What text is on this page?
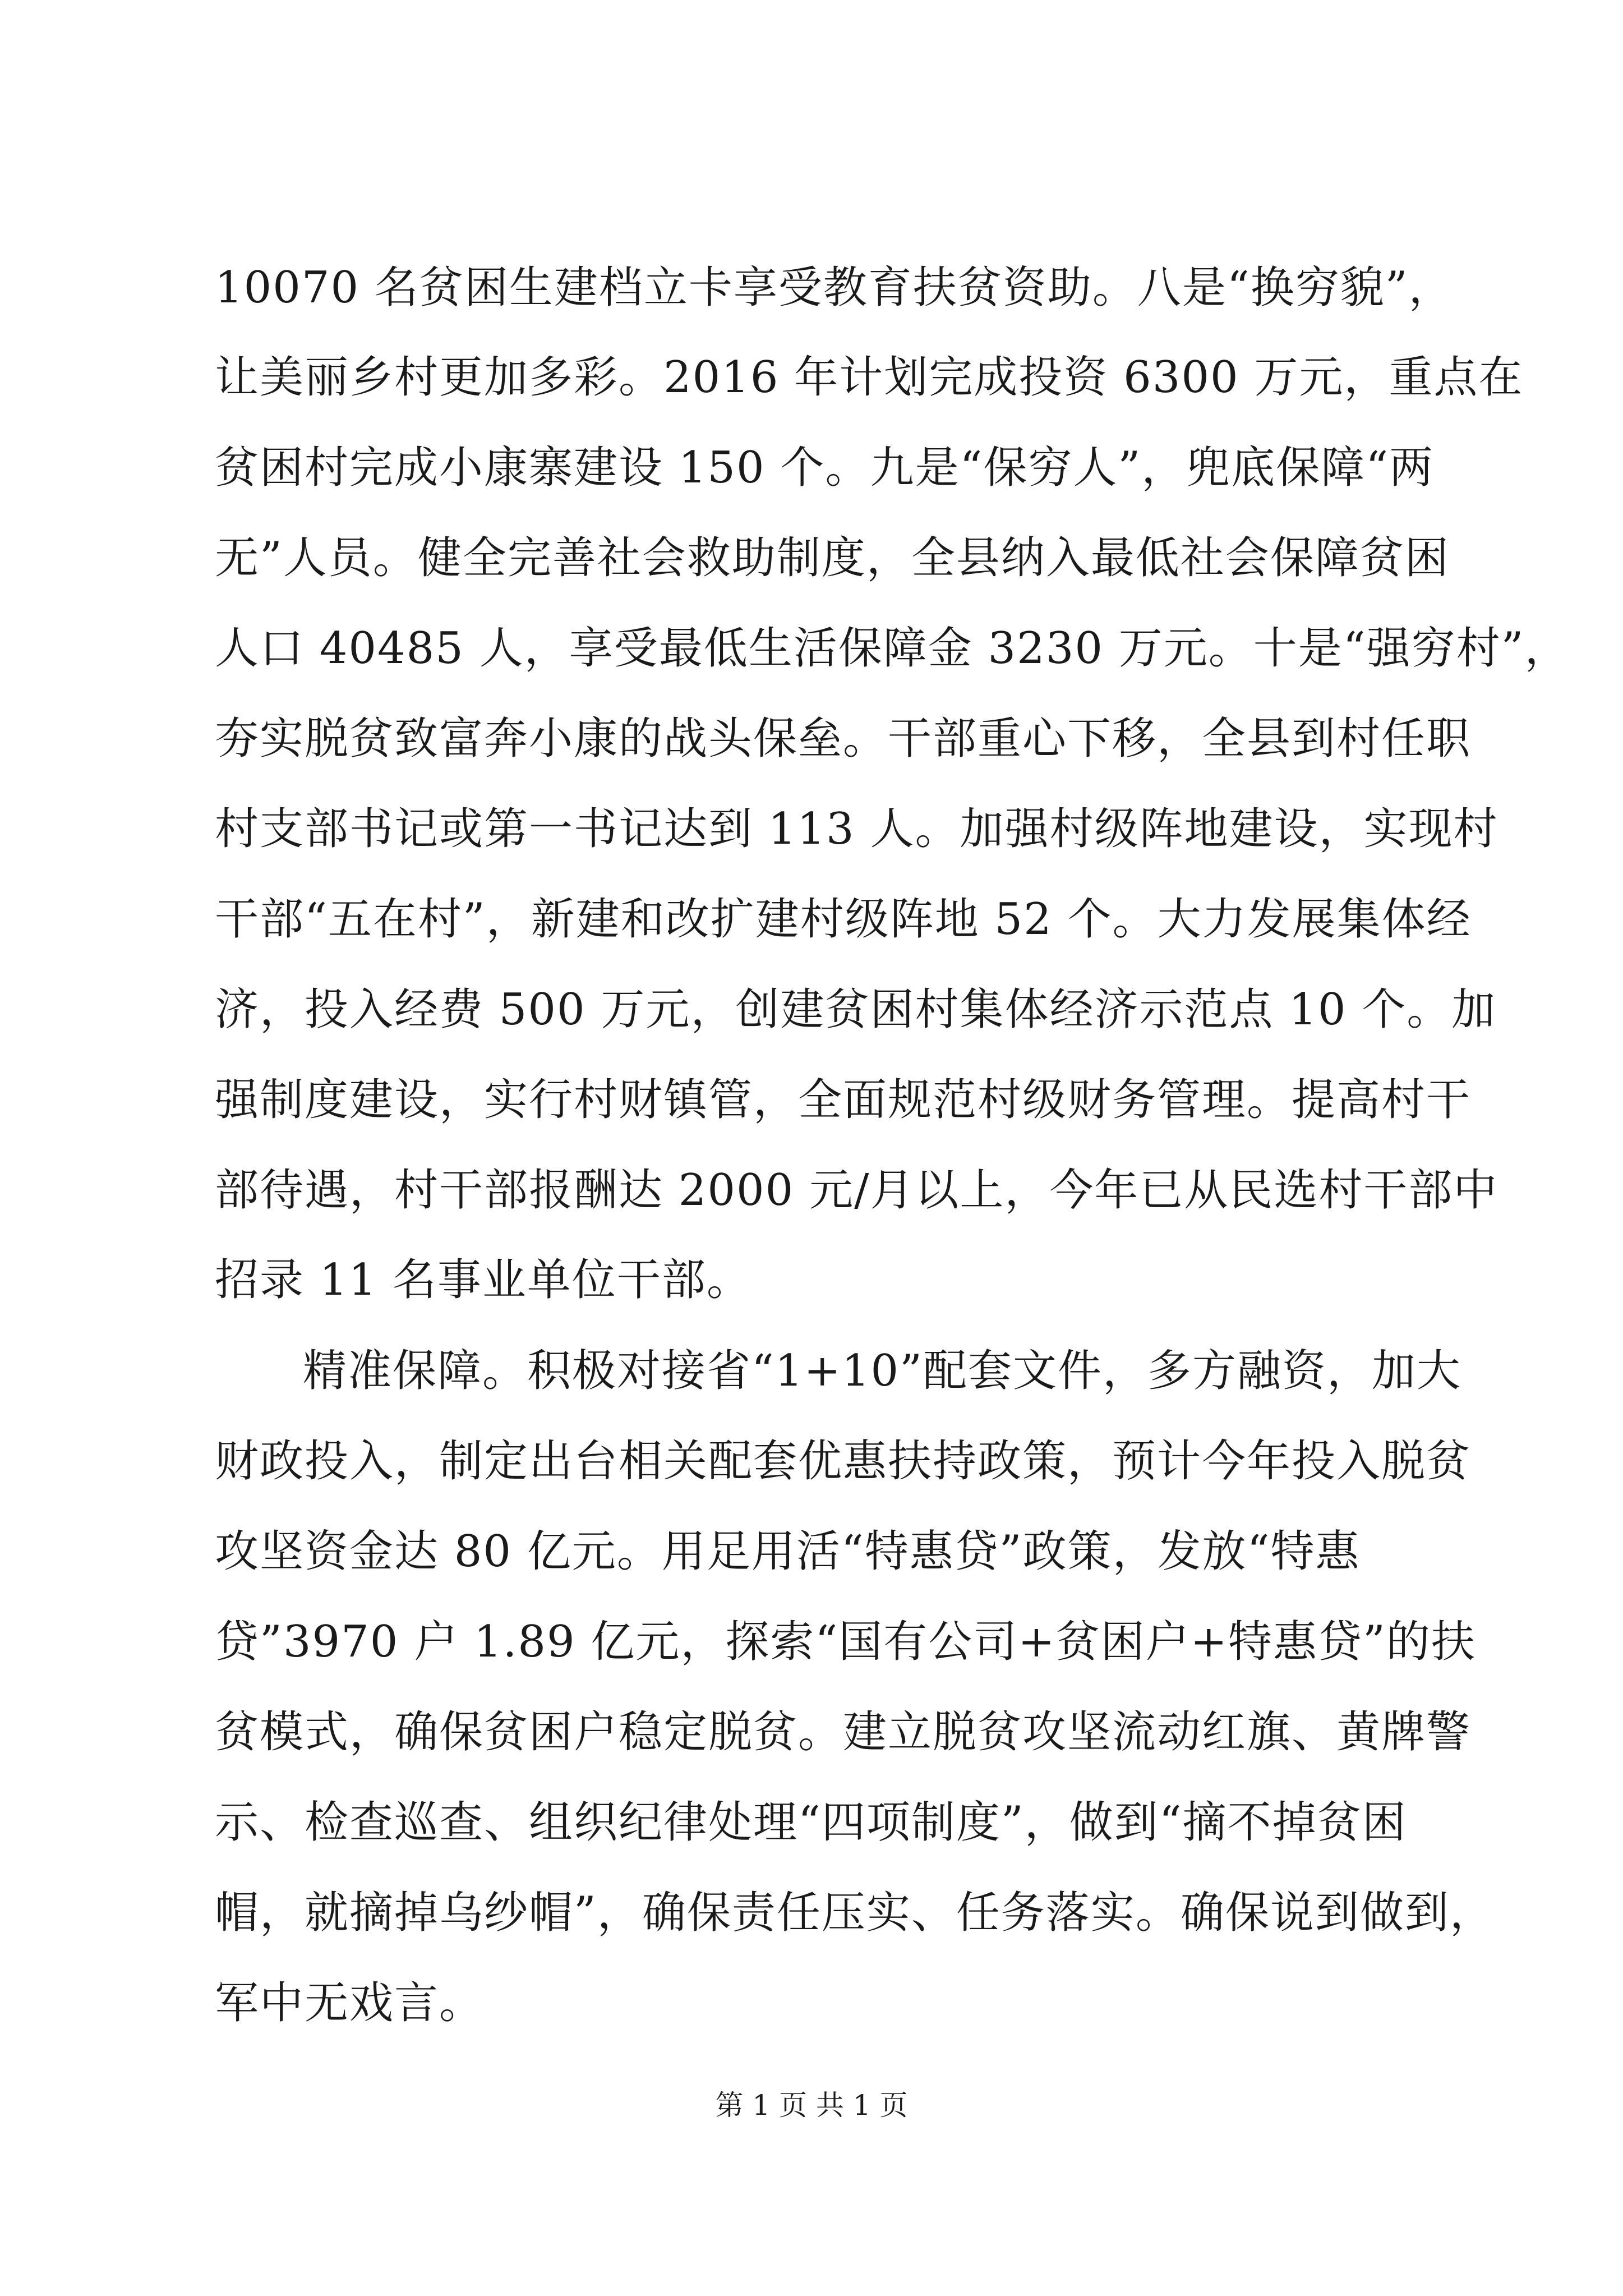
10070 名贫困生建档立卡享受教育扶贫资助。八是“换穷貌”，
让美丽乡村更加多彩。2016 年计划完成投资 6300 万元，重点在
贫困村完成小康寨建设 150 个。九是“保穷人”，兜底保障“两
无”人员。健全完善社会救助制度，全县纳入最低社会保障贫困
人口 40485 人，享受最低生活保障金 3230 万元。十是“强穷村”，
夯实脱贫致富奔小康的战头保垒。干部重心下移，全县到村任职
村支部书记或第一书记达到 113 人。加强村级阵地建设，实现村
干部“五在村”，新建和改扩建村级阵地 52 个。大力发展集体经
济，投入经费 500 万元，创建贫困村集体经济示范点 10 个。加
强制度建设，实行村财镇管，全面规范村级财务管理。提高村干
部待遇，村干部报酬达 2000 元/月以上，今年已从民选村干部中
招录 11 名事业单位干部。
精准保障。积极对接省“1+10”配套文件，多方融资，加大
财政投入，制定出台相关配套优惠扶持政策，预计今年投入脱贫
攻坚资金达 80 亿元。用足用活“特惠贷”政策，发放“特惠
贷”3970 户 1.89 亿元，探索“国有公司+贫困户+特惠贷”的扶
贫模式，确保贫困户稳定脱贫。建立脱贫攻坚流动红旗、黄牌警
示、检查巡查、组织纪律处理“四项制度”，做到“摘不掉贫困
帽，就摘掉乌纱帽”，确保责任压实、任务落实。确保说到做到，
军中无戏言。
第 1 页 共 1 页
